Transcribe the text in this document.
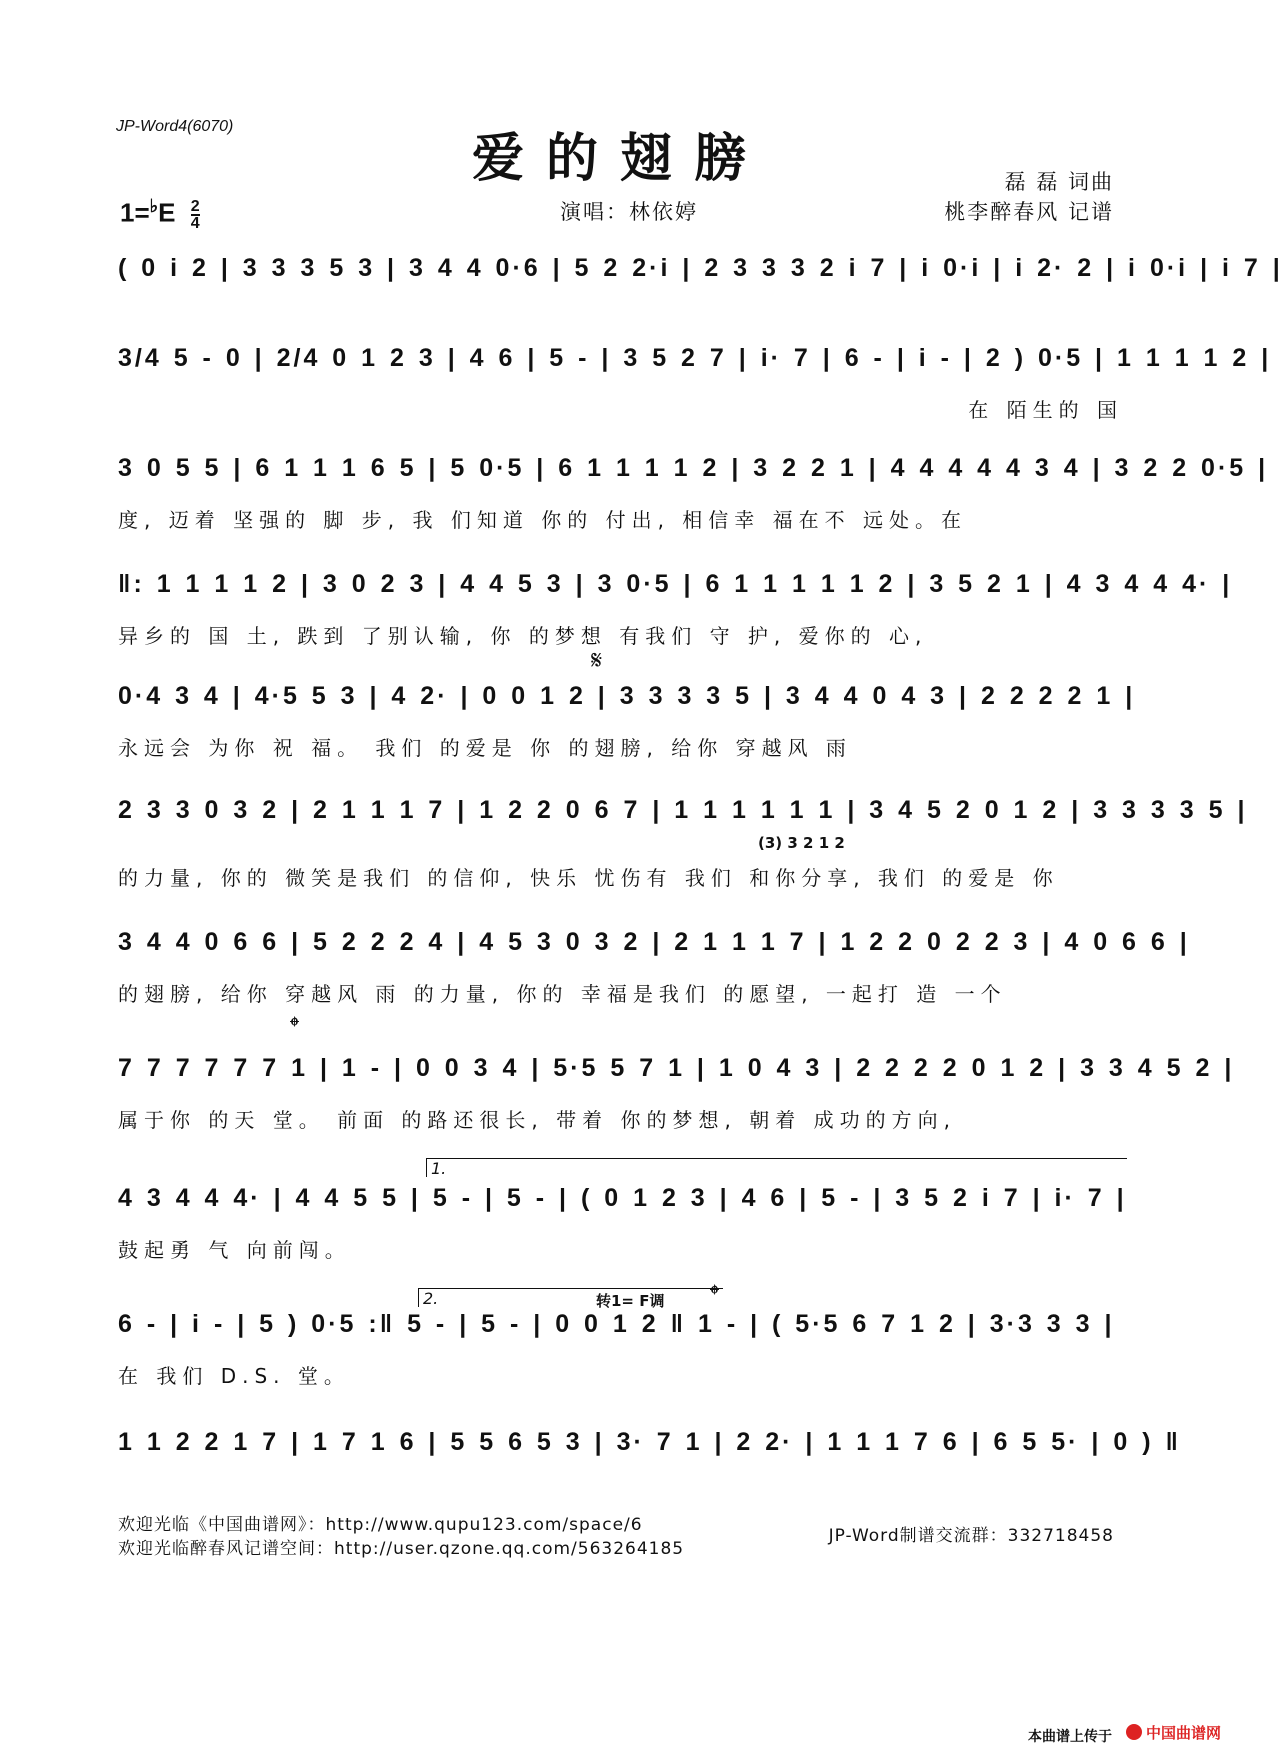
JP-Word4(6070)
爱的翅膀	磊 磊 词曲
桃李醉春风 记谱
演唱：林依婷
$1=^♭E \frac{2}{4}$
( 0 i 2 | 3 3 3 5 3 | 3 4 4 0·6 | 5 2 2·i | 2 3 3 3 2 i 7 | i 0·i | i 2· 2 | i 0·i | i 7 |
3/4 5 - 0 | 2/4 0 1 2 3 | 4 6 | 5 - | 3 5 2 7 | i· 7 | 6 - | i - | 2 ) 0·5 | 1 1 1 1 2 |
在 陌生的 国
3 0 5 5 | 6 1 1 1 6 5 | 5 0·5 | 6 1 1 1 1 2 | 3 2 2 1 | 4 4 4 4 4 3 4 | 3 2 2 0·5 |
度, 迈着 坚强的 脚 步, 我 们知道 你的 付出, 相信幸 福在不 远处。在
‖: 1 1 1 1 2 | 3 0 2 3 | 4 4 5 3 | 3 0·5 | 6 1 1 1 1 1 2 | 3 5 2 1 | 4 3 4 4 4· |
异乡的 国 土, 跌到 了别认输, 你 的梦想 有我们 守 护, 爱你的 心,
0·4 3 4 | 4·5 5 3 | 4 2· | 0 0 1 2 | 3 3 3 3 5 | 3 4 4 0 4 3 | 2 2 2 2 1 |
永远会 为你 祝 福。 我们 的爱是 你 的翅膀, 给你 穿越风 雨
𝄋
2 3 3 0 3 2 | 2 1 1 1 7 | 1 2 2 0 6 7 | 1 1 1 1 1 1 | 3 4 5 2 0 1 2 | 3 3 3 3 5 |
(3) 3 2 1 2
的力量, 你的 微笑是我们 的信仰, 快乐 忧伤有 我们 和你分享, 我们 的爱是 你
3 4 4 0 6 6 | 5 2 2 2 4 | 4 5 3 0 3 2 | 2 1 1 1 7 | 1 2 2 0 2 2 3 | 4 0 6 6 |
的翅膀, 给你 穿越风 雨 的力量, 你的 幸福是我们 的愿望, 一起打 造 一个
7 7 7 7 7 7 1 | 1 - | 0 0 3 4 | 5·5 5 7 1 | 1 0 4 3 | 2 2 2 2 0 1 2 | 3 3 4 5 2 |
属于你 的天 堂。 前面 的路还很长, 带着 你的梦想, 朝着 成功的方向,
𝄌
1.
4 3 4 4 4· | 4 4 5 5 | 5 - | 5 - | ( 0 1 2 3 | 4 6 | 5 - | 3 5 2 i 7 | i· 7 |
鼓起勇 气 向前闯。
2.	转1= F调 𝄌
6 - | i - | 5 ) 0·5 :‖ 5 - | 5 - | 0 0 1 2 ‖ 1 - | ( 5·5 6 7 1 2 | 3·3 3 3 |
在 我们 D.S. 堂。
1 1 2 2 1 7 | 1 7 1 6 | 5 5 6 5 3 | 3· 7 1 | 2 2· | 1 1 1 7 6 | 6 5 5· | 0 ) ‖
欢迎光临《中国曲谱网》：http://www.qupu123.com/space/6
欢迎光临醉春风记谱空间：http://user.qzone.qq.com/563264185
JP-Word制谱交流群：332718458
本曲谱上传于 中国曲谱网
